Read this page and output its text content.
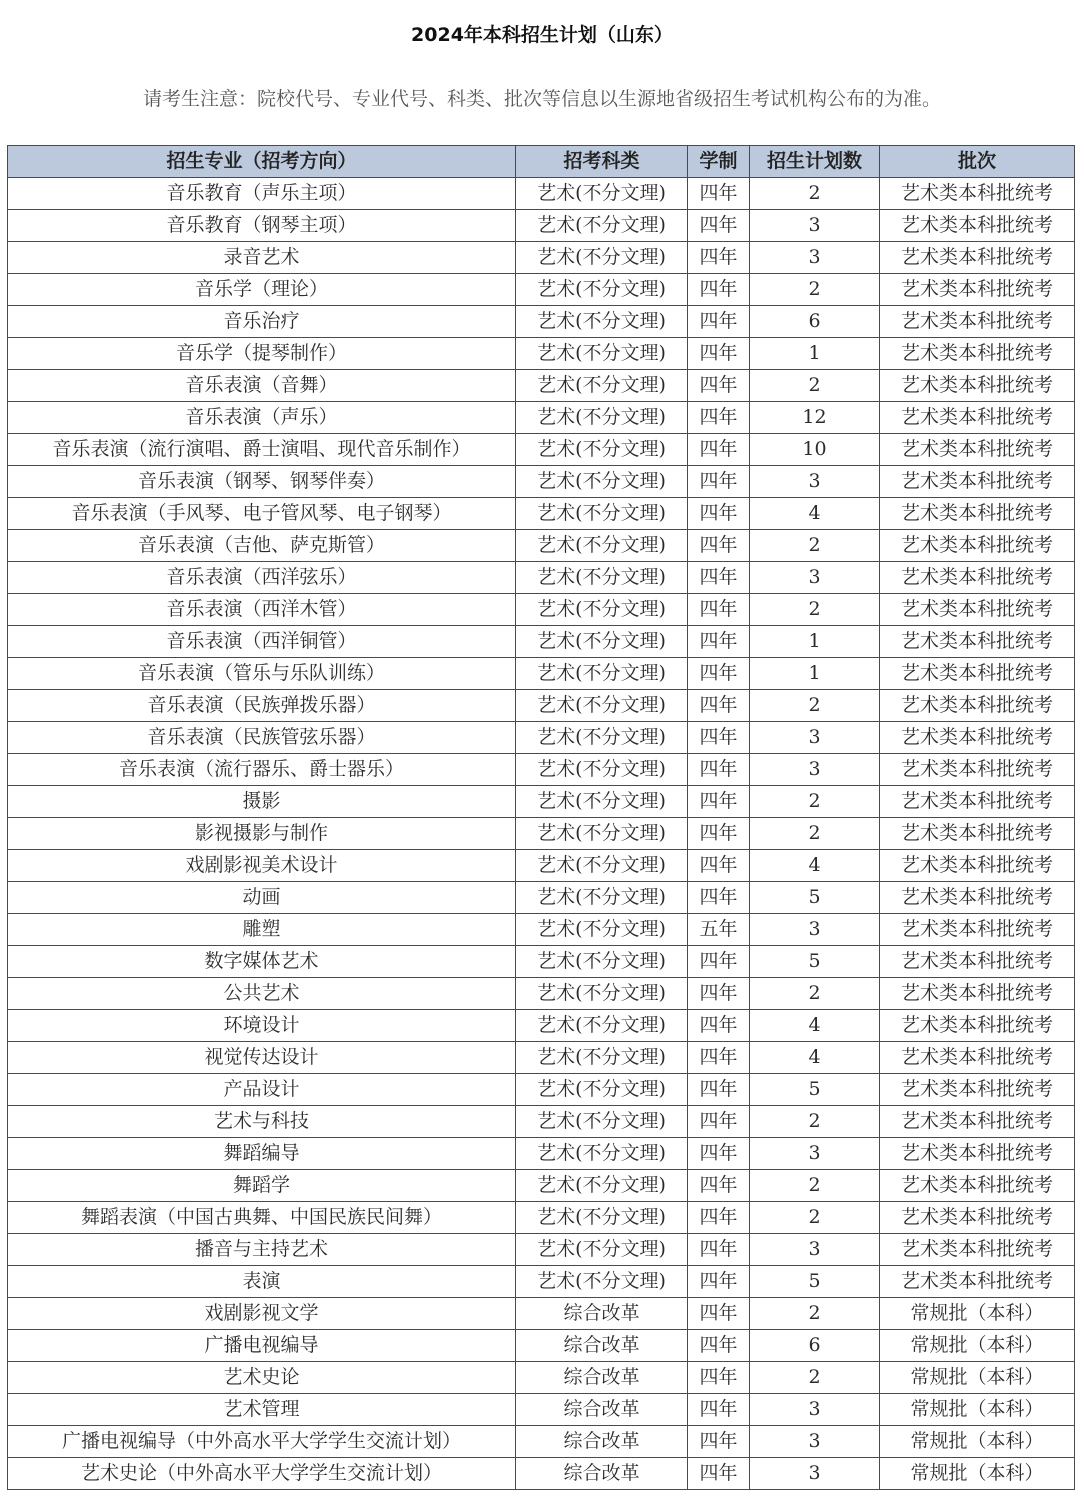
2024年本科招生计划（山东）
请考生注意：院校代号、专业代号、科类、批次等信息以生源地省级招生考试机构公布的为准。
招生专业（招考方向）	招考科类	学制	招生计划数	批次
音乐教育（声乐主项）	艺术(不分文理)	四年	2	艺术类本科批统考
音乐教育（钢琴主项）	艺术(不分文理)	四年	3	艺术类本科批统考
录音艺术	艺术(不分文理)	四年	3	艺术类本科批统考
音乐学（理论）	艺术(不分文理)	四年	2	艺术类本科批统考
音乐治疗	艺术(不分文理)	四年	6	艺术类本科批统考
音乐学（提琴制作）	艺术(不分文理)	四年	1	艺术类本科批统考
音乐表演（音舞）	艺术(不分文理)	四年	2	艺术类本科批统考
音乐表演（声乐）	艺术(不分文理)	四年	12	艺术类本科批统考
音乐表演（流行演唱、爵士演唱、现代音乐制作）	艺术(不分文理)	四年	10	艺术类本科批统考
音乐表演（钢琴、钢琴伴奏）	艺术(不分文理)	四年	3	艺术类本科批统考
音乐表演（手风琴、电子管风琴、电子钢琴）	艺术(不分文理)	四年	4	艺术类本科批统考
音乐表演（吉他、萨克斯管）	艺术(不分文理)	四年	2	艺术类本科批统考
音乐表演（西洋弦乐）	艺术(不分文理)	四年	3	艺术类本科批统考
音乐表演（西洋木管）	艺术(不分文理)	四年	2	艺术类本科批统考
音乐表演（西洋铜管）	艺术(不分文理)	四年	1	艺术类本科批统考
音乐表演（管乐与乐队训练）	艺术(不分文理)	四年	1	艺术类本科批统考
音乐表演（民族弹拨乐器）	艺术(不分文理)	四年	2	艺术类本科批统考
音乐表演（民族管弦乐器）	艺术(不分文理)	四年	3	艺术类本科批统考
音乐表演（流行器乐、爵士器乐）	艺术(不分文理)	四年	3	艺术类本科批统考
摄影	艺术(不分文理)	四年	2	艺术类本科批统考
影视摄影与制作	艺术(不分文理)	四年	2	艺术类本科批统考
戏剧影视美术设计	艺术(不分文理)	四年	4	艺术类本科批统考
动画	艺术(不分文理)	四年	5	艺术类本科批统考
雕塑	艺术(不分文理)	五年	3	艺术类本科批统考
数字媒体艺术	艺术(不分文理)	四年	5	艺术类本科批统考
公共艺术	艺术(不分文理)	四年	2	艺术类本科批统考
环境设计	艺术(不分文理)	四年	4	艺术类本科批统考
视觉传达设计	艺术(不分文理)	四年	4	艺术类本科批统考
产品设计	艺术(不分文理)	四年	5	艺术类本科批统考
艺术与科技	艺术(不分文理)	四年	2	艺术类本科批统考
舞蹈编导	艺术(不分文理)	四年	3	艺术类本科批统考
舞蹈学	艺术(不分文理)	四年	2	艺术类本科批统考
舞蹈表演（中国古典舞、中国民族民间舞）	艺术(不分文理)	四年	2	艺术类本科批统考
播音与主持艺术	艺术(不分文理)	四年	3	艺术类本科批统考
表演	艺术(不分文理)	四年	5	艺术类本科批统考
戏剧影视文学	综合改革	四年	2	常规批（本科）
广播电视编导	综合改革	四年	6	常规批（本科）
艺术史论	综合改革	四年	2	常规批（本科）
艺术管理	综合改革	四年	3	常规批（本科）
广播电视编导（中外高水平大学学生交流计划）	综合改革	四年	3	常规批（本科）
艺术史论（中外高水平大学学生交流计划）	综合改革	四年	3	常规批（本科）
